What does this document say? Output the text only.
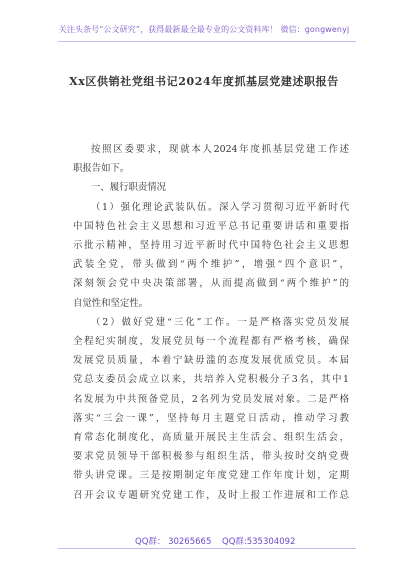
关注头条号“公文研究”，获得最新最全最专业的公文资料库！ 微信：gongwenyj
Xx区供销社党组书记2024年度抓基层党建述职报告

按照区委要求，现就本人2024年度抓基层党建工作述
职报告如下。

一、履行职责情况

（1）强化理论武装队伍。深入学习贯彻习近平新时代
中国特色社会主义思想和习近平总书记重要讲话和重要指
示批示精神，坚持用习近平新时代中国特色社会主义思想
武装全党，带头做到“两个维护”，增强“四个意识”，
深刻领会党中央决策部署，从而提高做到“两个维护”的
自觉性和坚定性。

（2）做好党建“三化”工作。一是严格落实党员发展
全程纪实制度，发展党员每一个流程都有严格考核，确保
发展党员质量，本着宁缺毋滥的态度发展优质党员。本届
党总支委员会成立以来，共培养入党积极分子3名，其中1
名发展为中共预备党员，2名列为党员发展对象。二是严格
落实“三会一课”，坚持每月主题党日活动，推动学习教
育常态化制度化，高质量开展民主生活会、组织生活会，
要求党员领导干部积极参与组织生活，带头按时交纳党费
带头讲党课。三是按期制定年度党建工作年度计划，定期
召开会议专题研究党建工作，及时上报工作进展和工作总

QQ群： 30265665 QQ群:535304092
